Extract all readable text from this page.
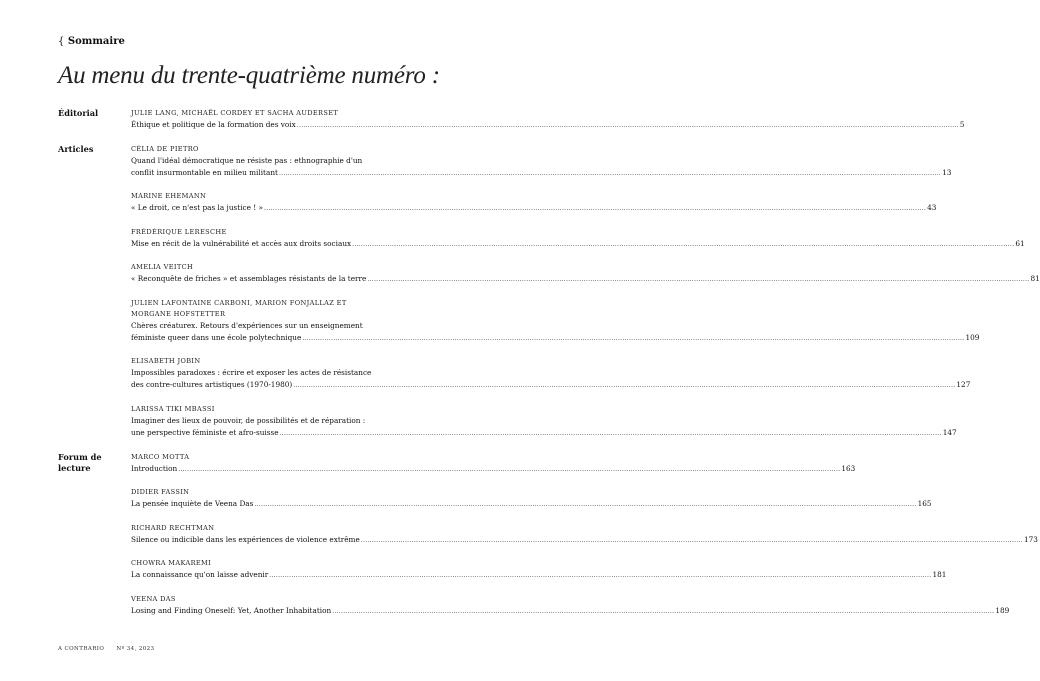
{ Sommaire
Au menu du trente-quatrième numéro :
Éditorial	JULIE LANG, MICHAËL CORDEY ET SACHA AUDERSET
Éthique et politique de la formation des voix ............................................................................................................................................................................................................................................................................................................ 5
Articles	CÉLIA DE PIETRO
Quand l'idéal démocratique ne résiste pas : ethnographie d'un
conflit insurmontable en milieu militant ............................................................................................................................................................................................................................................................................................................ 13
MARINE EHEMANN
« Le droit, ce n'est pas la justice ! » ............................................................................................................................................................................................................................................................................................................ 43
FRÉDÉRIQUE LERESCHE
Mise en récit de la vulnérabilité et accès aux droits sociaux ............................................................................................................................................................................................................................................................................................................ 61
AMELIA VEITCH
« Reconquête de friches » et assemblages résistants de la terre ............................................................................................................................................................................................................................................................................................................ 81
JULIEN LAFONTAINE CARBONI, MARION FONJALLAZ ET
MORGANE HOFSTETTER
Chères créaturex. Retours d'expériences sur un enseignement
féministe queer dans une école polytechnique ............................................................................................................................................................................................................................................................................................................ 109
ELISABETH JOBIN
Impossibles paradoxes : écrire et exposer les actes de résistance
des contre-cultures artistiques (1970-1980) ............................................................................................................................................................................................................................................................................................................ 127
LARISSA TIKI MBASSI
Imaginer des lieux de pouvoir, de possibilités et de réparation :
une perspective féministe et afro-suisse ............................................................................................................................................................................................................................................................................................................ 147
Forum de lecture
MARCO MOTTA
Introduction ............................................................................................................................................................................................................................................................................................................ 163
DIDIER FASSIN
La pensée inquiète de Veena Das ............................................................................................................................................................................................................................................................................................................ 165
RICHARD RECHTMAN
Silence ou indicible dans les expériences de violence extrême ............................................................................................................................................................................................................................................................................................................ 173
CHOWRA MAKAREMI
La connaissance qu'on laisse advenir ............................................................................................................................................................................................................................................................................................................ 181
VEENA DAS
Losing and Finding Oneself: Yet, Another Inhabitation ............................................................................................................................................................................................................................................................................................................ 189
A CONTRARIO Nº 34, 2023
